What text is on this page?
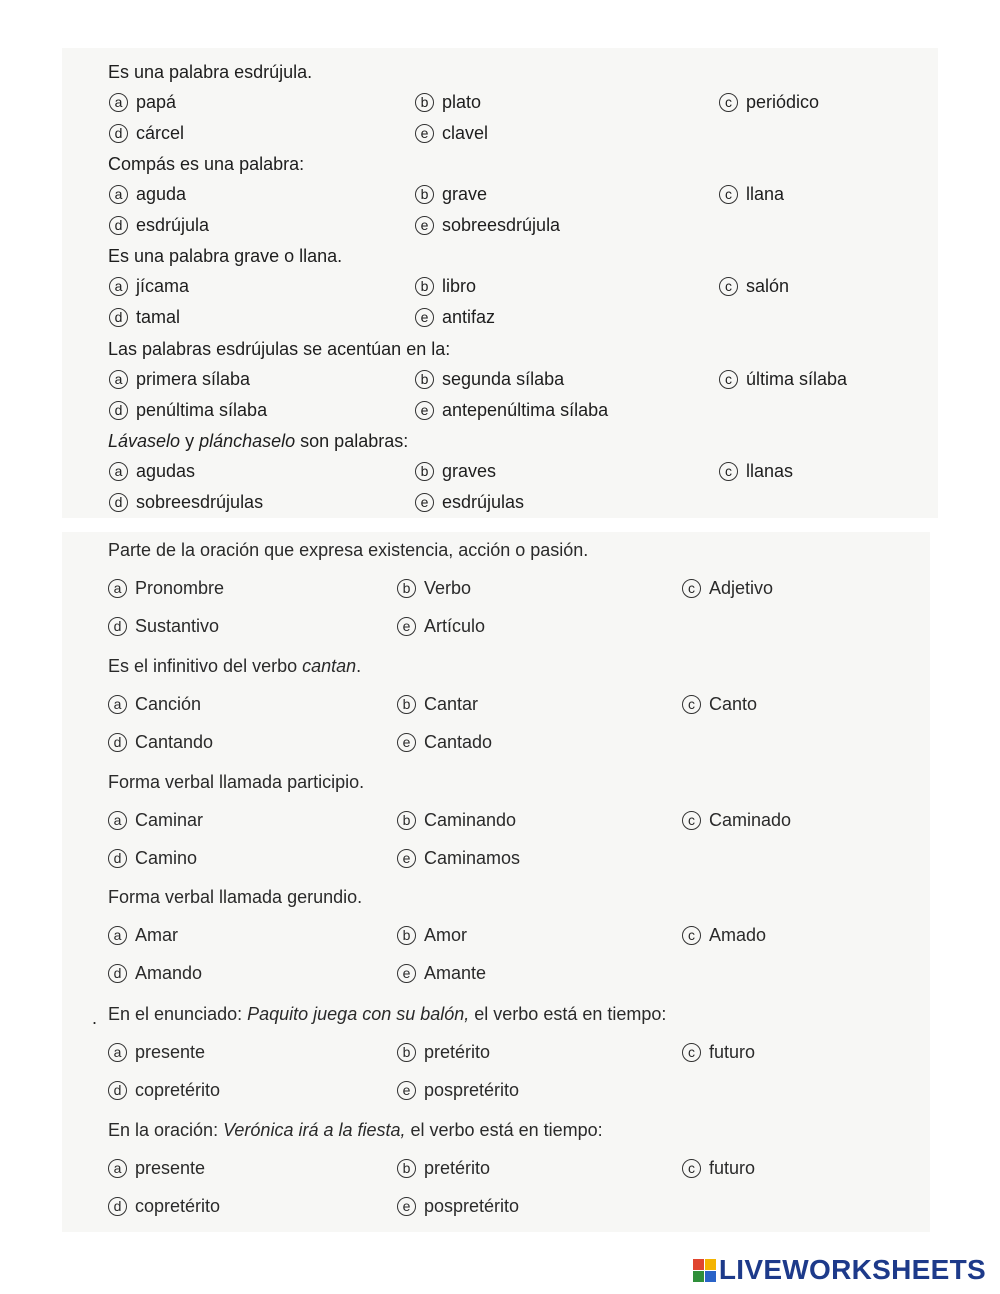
Es una palabra esdrújula.
a papá	b plato	c periódico
d cárcel	e clavel
Compás es una palabra:
a aguda	b grave	c llana
d esdrújula	e sobreesdrújula
Es una palabra grave o llana.
a jícama	b libro	c salón
d tamal	e antifaz
Las palabras esdrújulas se acentúan en la:
a primera sílaba	b segunda sílaba	c última sílaba
d penúltima sílaba	e antepenúltima sílaba
Lávaselo y plánchaselo son palabras:
a agudas	b graves	c llanas
d sobreesdrújulas	e esdrújulas
Parte de la oración que expresa existencia, acción o pasión.
a Pronombre	b Verbo	c Adjetivo
d Sustantivo	e Artículo
Es el infinitivo del verbo cantan.
a Canción	b Cantar	c Canto
d Cantando	e Cantado
Forma verbal llamada participio.
a Caminar	b Caminando	c Caminado
d Camino	e Caminamos
Forma verbal llamada gerundio.
a Amar	b Amor	c Amado
d Amando	e Amante
En el enunciado: Paquito juega con su balón, el verbo está en tiempo:
a presente	b pretérito	c futuro
d copretérito	e pospretérito
En la oración: Verónica irá a la fiesta, el verbo está en tiempo:
a presente	b pretérito	c futuro
d copretérito	e pospretérito
.
LIVEWORKSHEETS
